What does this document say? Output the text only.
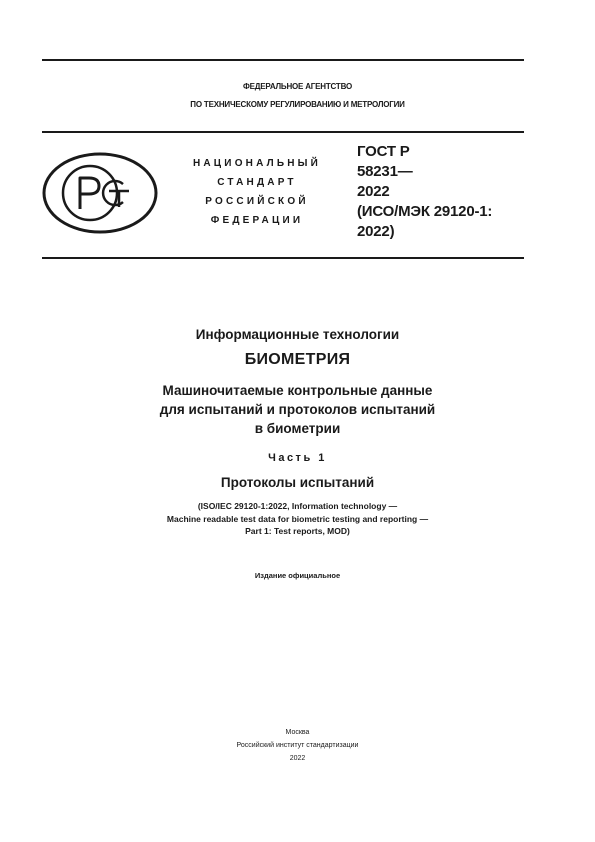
ФЕДЕРАЛЬНОЕ АГЕНТСТВО
ПО ТЕХНИЧЕСКОМУ РЕГУЛИРОВАНИЮ И МЕТРОЛОГИИ
НАЦИОНАЛЬНЫЙ
СТАНДАРТ
РОССИЙСКОЙ
ФЕДЕРАЦИИ
ГОСТ Р
58231—
2022
(ИСО/МЭК 29120-1:
2022)
Информационные технологии
БИОМЕТРИЯ
Машиночитаемые контрольные данные
для испытаний и протоколов испытаний
в биометрии
Часть 1
Протоколы испытаний
(ISO/IEC 29120-1:2022, Information technology —
Machine readable test data for biometric testing and reporting —
Part 1: Test reports, MOD)
Издание официальное
Москва
Российский институт стандартизации
2022
